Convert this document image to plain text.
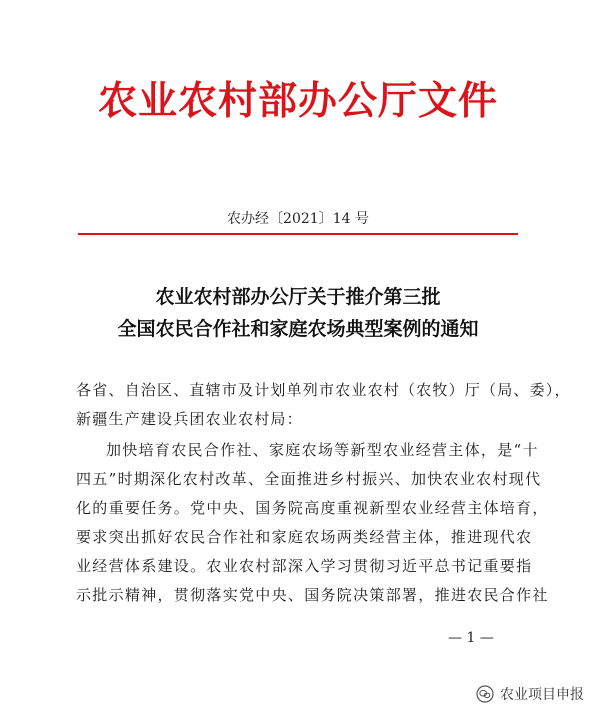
农业农村部办公厅文件
农办经〔2021〕14 号
农业农村部办公厅关于推介第三批
全国农民合作社和家庭农场典型案例的通知
各省、自治区、直辖市及计划单列市农业农村（农牧）厅（局、委），
新疆生产建设兵团农业农村局：
加快培育农民合作社、家庭农场等新型农业经营主体，是“十
四五”时期深化农村改革、全面推进乡村振兴、加快农业农村现代
化的重要任务。党中央、国务院高度重视新型农业经营主体培育，
要求突出抓好农民合作社和家庭农场两类经营主体，推进现代农
业经营体系建设。农业农村部深入学习贯彻习近平总书记重要指
示批示精神，贯彻落实党中央、国务院决策部署，推进农民合作社
— 1 —
农业项目申报
